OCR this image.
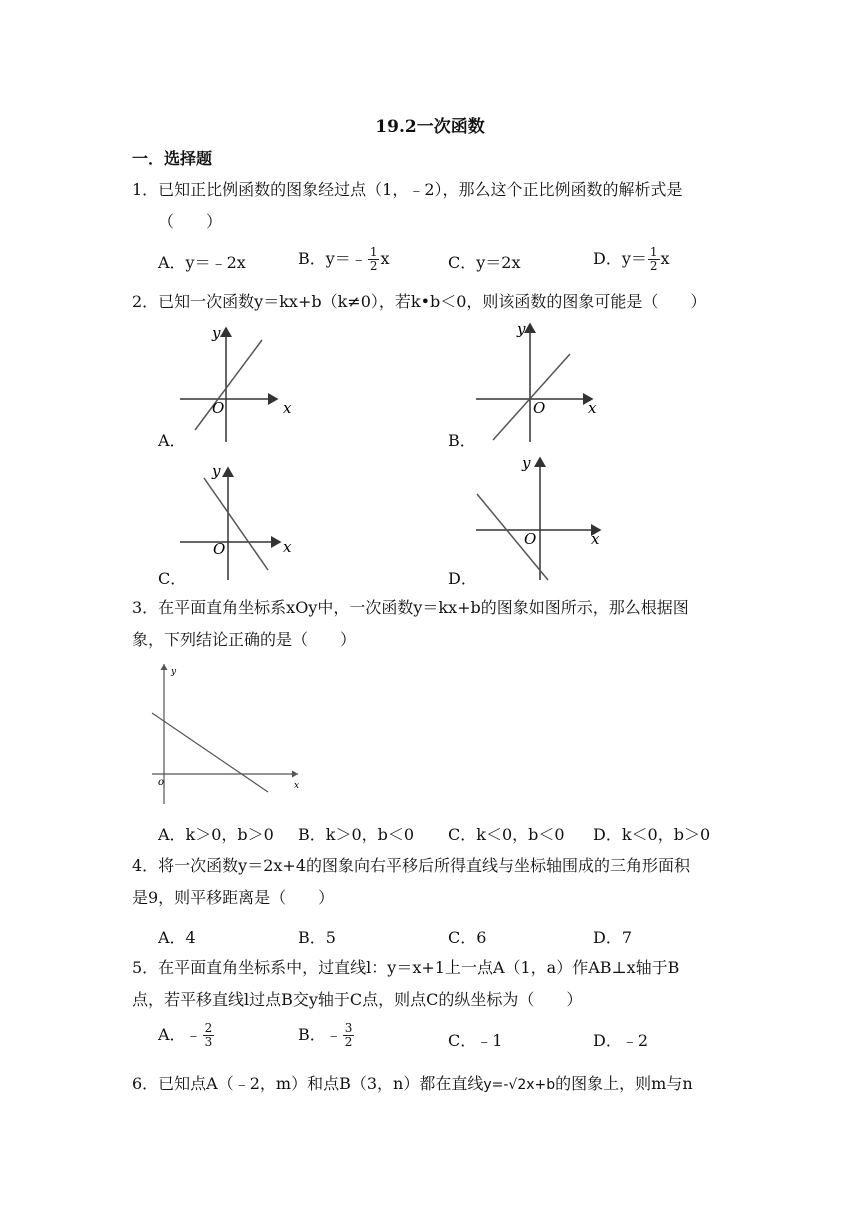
19.2一次函数
一．选择题
1．已知正比例函数的图象经过点（1，﹣2），那么这个正比例函数的解析式是
（　　）
A．y＝﹣2x	B．y＝﹣ $\frac{1}{2}$ x	C．y＝2x	D．$y= \frac{1}{2}$ x
2．已知一次函数y＝kx+b（k≠0），若k•b＜0，则该函数的图象可能是（　　）
y
x
O
y
x
O
y
x
O
y
x
O
A．	B．
C．	D．
3．在平面直角坐标系xOy中，一次函数y＝kx+b的图象如图所示，那么根据图
象，下列结论正确的是（　　）
y
x
o
A．k＞0，b＞0 B．k＞0，b＜0 C．k＜0，b＜0 D．k＜0，b＞0
4．将一次函数y＝2x+4的图象向右平移后所得直线与坐标轴围成的三角形面积
是9，则平移距离是（　　）
A．4	B．5	C．6	D．7
5．在平面直角坐标系中，过直线l：y＝x+1上一点A（1，a）作AB⊥x轴于B
点，若平移直线l过点B交y轴于C点，则点C的纵坐标为（　　）
A．﹣ $\frac{2}{3}$	B．﹣ $\frac{3}{2}$	C．﹣1	D．﹣2
6．已知点A（﹣2，m）和点B（3，n）都在直线y=-√2x+b的图象上，则m与n
